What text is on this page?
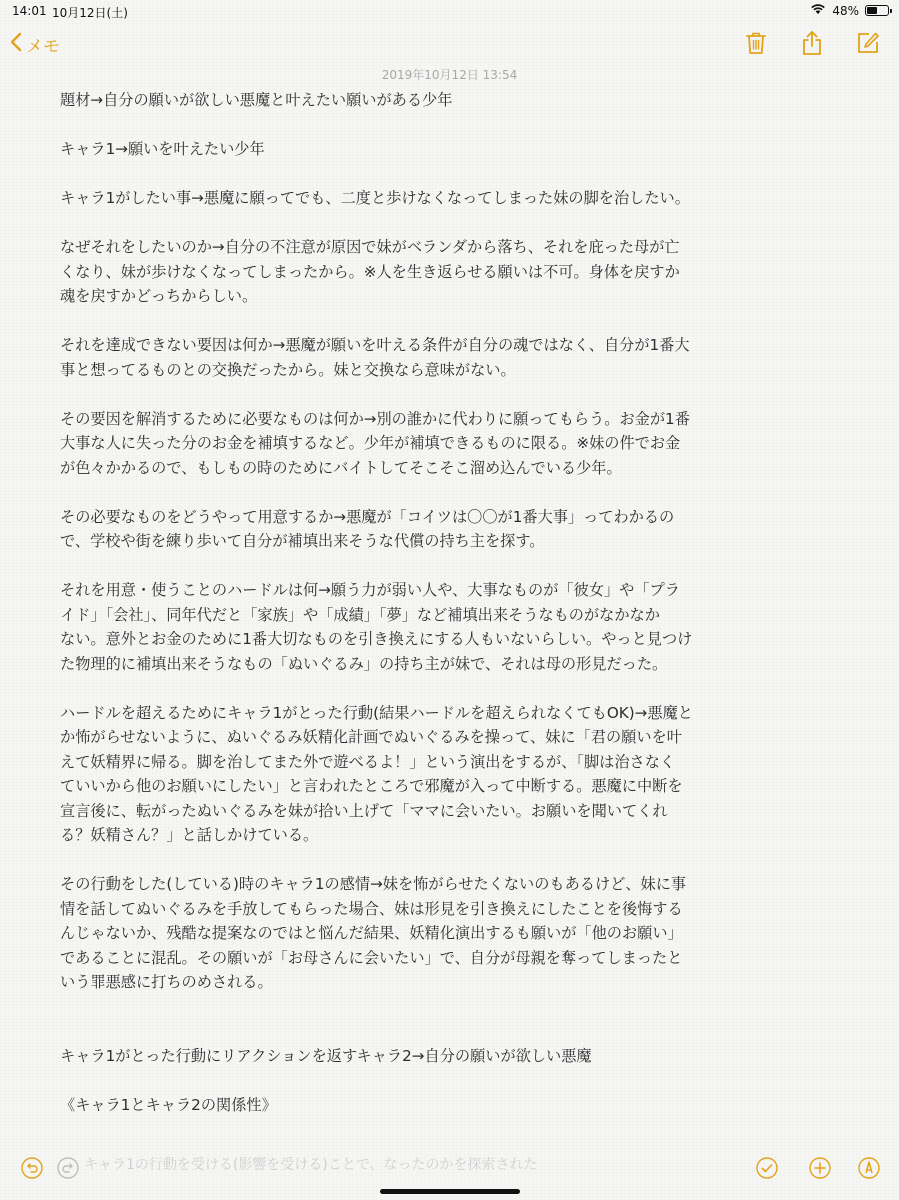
14:01 10月12日(土)	48%
メモ
2019年10月12日 13:54

題材→自分の願いが欲しい悪魔と叶えたい願いがある少年

キャラ1→願いを叶えたい少年

キャラ1がしたい事→悪魔に願ってでも、二度と歩けなくなってしまった妹の脚を治したい。

なぜそれをしたいのか→自分の不注意が原因で妹がベランダから落ち、それを庇った母が亡
くなり、妹が歩けなくなってしまったから。※人を生き返らせる願いは不可。身体を戻すか
魂を戻すかどっちからしい。

それを達成できない要因は何か→悪魔が願いを叶える条件が自分の魂ではなく、自分が1番大
事と想ってるものとの交換だったから。妹と交換なら意味がない。

その要因を解消するために必要なものは何か→別の誰かに代わりに願ってもらう。お金が1番
大事な人に失った分のお金を補填するなど。少年が補填できるものに限る。※妹の件でお金
が色々かかるので、もしもの時のためにバイトしてそこそこ溜め込んでいる少年。

その必要なものをどうやって用意するか→悪魔が「コイツは〇〇が1番大事」ってわかるの
で、学校や街を練り歩いて自分が補填出来そうな代償の持ち主を探す。

それを用意・使うことのハードルは何→願う力が弱い人や、大事なものが「彼女」や「プラ
イド」「会社」、同年代だと「家族」や「成績」「夢」など補填出来そうなものがなかなか
ない。意外とお金のために1番大切なものを引き換えにする人もいないらしい。やっと見つけ
た物理的に補填出来そうなもの「ぬいぐるみ」の持ち主が妹で、それは母の形見だった。

ハードルを超えるためにキャラ1がとった行動(結果ハードルを超えられなくてもOK)→悪魔と
か怖がらせないように、ぬいぐるみ妖精化計画でぬいぐるみを操って、妹に「君の願いを叶
えて妖精界に帰る。脚を治してまた外で遊べるよ！」という演出をするが、「脚は治さなく
ていいから他のお願いにしたい」と言われたところで邪魔が入って中断する。悪魔に中断を
宣言後に、転がったぬいぐるみを妹が拾い上げて「ママに会いたい。お願いを聞いてくれ
る？妖精さん？」と話しかけている。

その行動をした(している)時のキャラ1の感情→妹を怖がらせたくないのもあるけど、妹に事
情を話してぬいぐるみを手放してもらった場合、妹は形見を引き換えにしたことを後悔する
んじゃないか、残酷な提案なのではと悩んだ結果、妖精化演出するも願いが「他のお願い」
であることに混乱。その願いが「お母さんに会いたい」で、自分が母親を奪ってしまったと
いう罪悪感に打ちのめされる。

キャラ1がとった行動にリアクションを返すキャラ2→自分の願いが欲しい悪魔

《キャラ1とキャラ2の関係性》

キャラ1の行動を受ける(影響を受ける)ことで、なったのかを探索された
